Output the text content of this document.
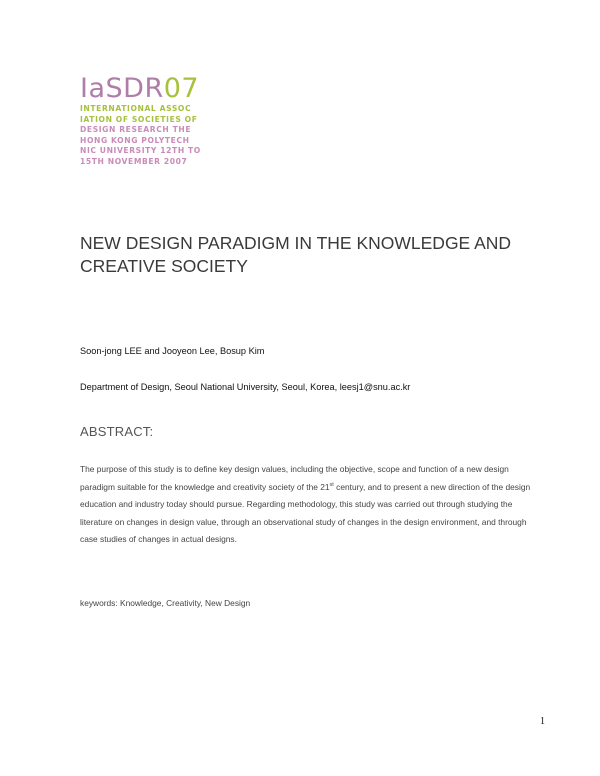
IaSDR07
INTERNATIONAL ASSOC
IATION OF SOCIETIES OF
DESIGN RESEARCH THE
HONG KONG POLYTECH
NIC UNIVERSITY 12TH TO
15TH NOVEMBER 2007
NEW DESIGN PARADIGM IN THE KNOWLEDGE AND CREATIVE SOCIETY
Soon-jong LEE and Jooyeon Lee, Bosup Kim
Department of Design, Seoul National University, Seoul, Korea, leesj1@snu.ac.kr
ABSTRACT:
The purpose of this study is to define key design values, including the objective, scope and function of a new design paradigm suitable for the knowledge and creativity society of the 21st century, and to present a new direction of the design education and industry today should pursue. Regarding methodology, this study was carried out through studying the literature on changes in design value, through an observational study of changes in the design environment, and through case studies of changes in actual designs.
keywords: Knowledge, Creativity, New Design
1
